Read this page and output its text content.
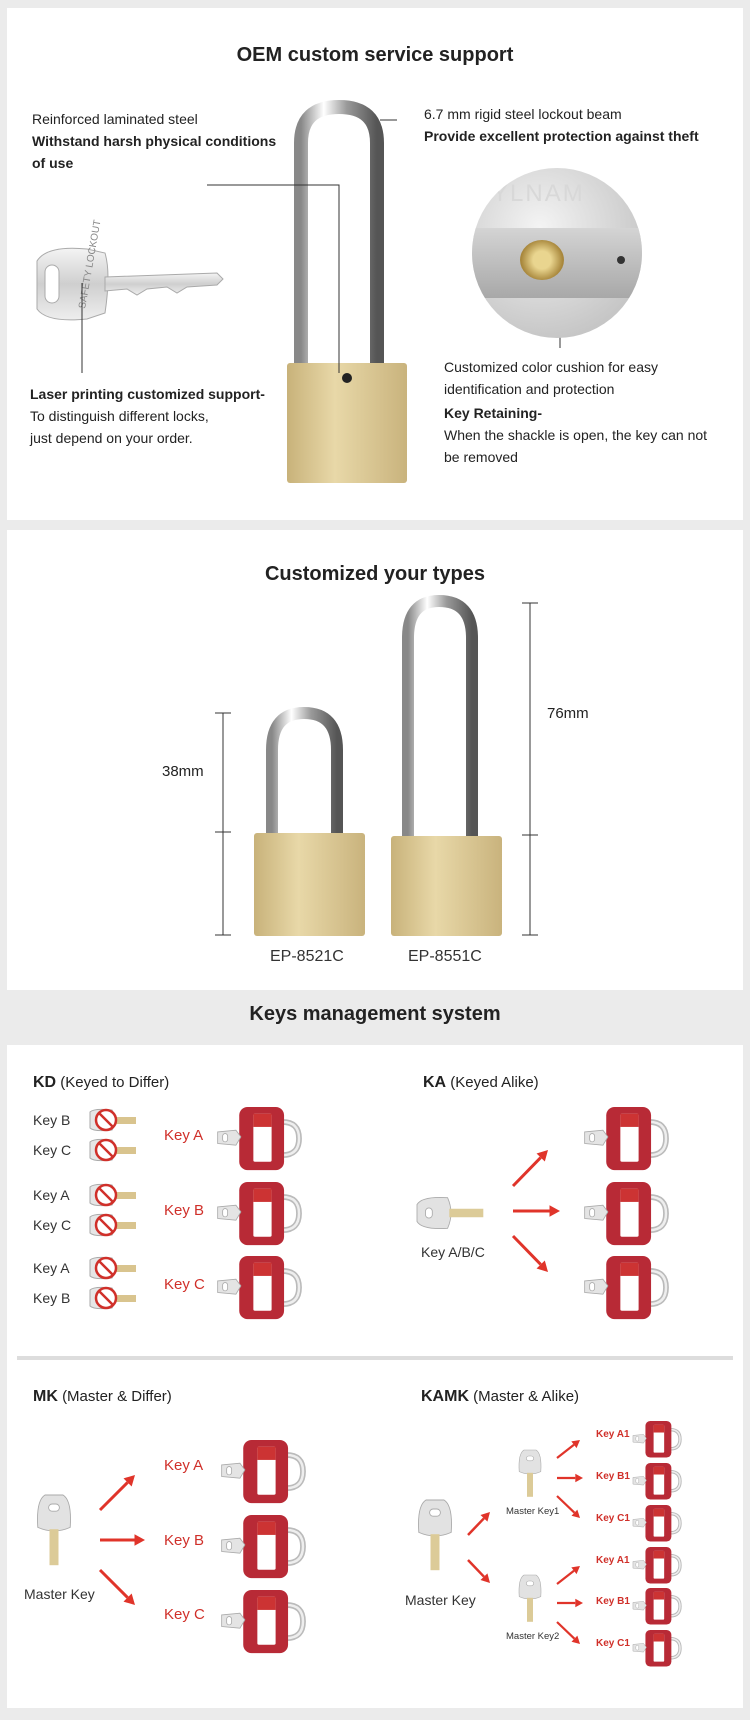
OEM custom service support
SAFETY LOCKOUT
YLNAM
Reinforced laminated steel
Withstand harsh physical conditions
of use
6.7 mm rigid steel lockout beam
Provide excellent protection against theft
Laser printing customized support-
To distinguish different locks,
just depend on your order.
Customized color cushion for easy
identification and protection
Key Retaining-
When the shackle is open, the key can not
be removed
Customized your types
38mm
76mm
EP-8521C	EP-8551C
Keys management system
KD (Keyed to Differ)	KA (Keyed Alike)
MK (Master & Differ)	KAMK (Master & Alike)
Key B
Key C
Key A
Key C
Key A
Key B
Key A
Key B
Key C
Key A/B/C
Key A
Key B
Key C
Master Key	Master Key
Master Key1
Master Key2
Key A1
Key B1
Key C1
Key A1
Key B1
Key C1
